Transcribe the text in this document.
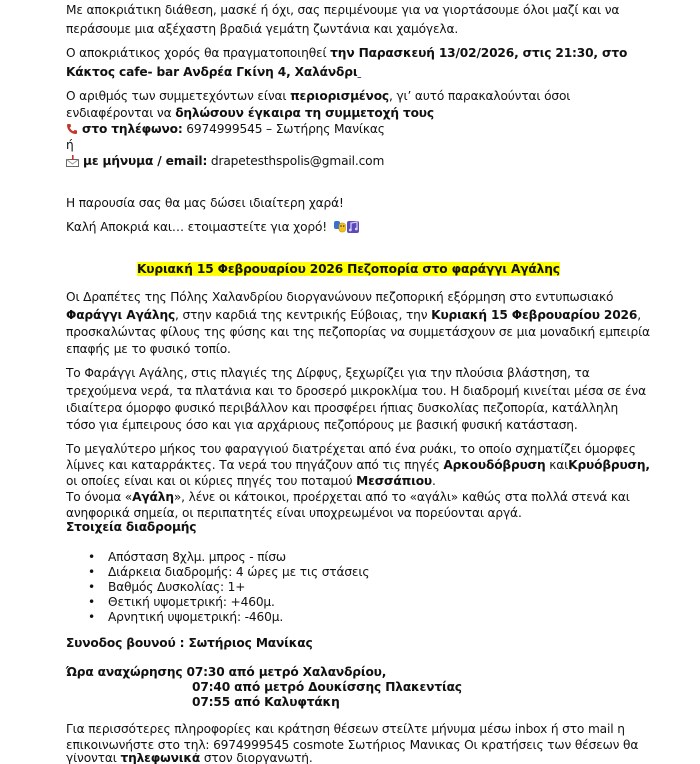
Με αποκριάτικη διάθεση, μασκέ ή όχι, σας περιμένουμε για να γιορτάσουμε όλοι μαζί και να
περάσουμε μια αξέχαστη βραδιά γεμάτη ζωντάνια και χαμόγελα.
Ο αποκριάτικος χορός θα πραγματοποιηθεί την Παρασκευή 13/02/2026, στις 21:30, στο
Κάκτος cafe- bar Ανδρέα Γκίνη 4, Χαλάνδρι​
Ο αριθμός των συμμετεχόντων είναι περιορισμένος, γι’ αυτό παρακαλούνται όσοι
ενδιαφέρονται να δηλώσουν έγκαιρα τη συμμετοχή τους
στο τηλέφωνο: 6974999545 – Σωτήρης Μανίκας
ή
με μήνυμα / email: drapetesthspolis@gmail.com
Η παρουσία σας θα μας δώσει ιδιαίτερη χαρά!
Καλή Αποκριά και… ετοιμαστείτε για χορό!
Κυριακή 15 Φεβρουαρίου 2026 Πεζοπορία στο φαράγγι Αγάλης
Οι Δραπέτες της Πόλης Χαλανδρίου διοργανώνουν πεζοπορική εξόρμηση στο εντυπωσιακό
Φαράγγι Αγάλης, στην καρδιά της κεντρικής Εύβοιας, την Κυριακή 15 Φεβρουαρίου 2026,
προσκαλώντας φίλους της φύσης και της πεζοπορίας να συμμετάσχουν σε μια μοναδική εμπειρία
επαφής με το φυσικό τοπίο.
Το Φαράγγι Αγάλης, στις πλαγιές της Δίρφυς, ξεχωρίζει για την πλούσια βλάστηση, τα
τρεχούμενα νερά, τα πλατάνια και το δροσερό μικροκλίμα του. Η διαδρομή κινείται μέσα σε ένα
ιδιαίτερα όμορφο φυσικό περιβάλλον και προσφέρει ήπιας δυσκολίας πεζοπορία, κατάλληλη
τόσο για έμπειρους όσο και για αρχάριους πεζοπόρους με βασική φυσική κατάσταση.
Το μεγαλύτερο μήκος του φαραγγιού διατρέχεται από ένα ρυάκι, το οποίο σχηματίζει όμορφες
λίμνες και καταρράκτες. Τα νερά του πηγάζουν από τις πηγές Αρκουδόβρυση καιΚρυόβρυση,
οι οποίες είναι και οι κύριες πηγές του ποταμού Μεσσάπιου.
Το όνομα «Αγάλη», λένε οι κάτοικοι, προέρχεται από το «αγάλι» καθώς στα πολλά στενά και
ανηφορικά σημεία, οι περιπατητές είναι υποχρεωμένοι να πορεύονται αργά.
Στοιχεία διαδρομής
• Απόσταση 8χλμ. μπρος - πίσω
• Διάρκεια διαδρομής: 4 ώρες με τις στάσεις
• Βαθμός Δυσκολίας: 1+
• Θετική υψομετρική: +460μ.
• Αρνητική υψομετρική: -460μ.
Συνοδος βουνού : Σωτήριος Μανίκας
Ώρα αναχώρησης 07:30 από μετρό Χαλανδρίου,
07:40 από μετρό Δουκίσσης Πλακεντίας
07:55 από Καλυφτάκη
Για περισσότερες πληροφορίες και κράτηση θέσεων στείλτε μήνυμα μέσω inbox ή στο mail η
επικοινωνήστε στο τηλ: 6974999545 cosmote Σωτήριος Μανικας Οι κρατήσεις των θέσεων θα
γίνονται τηλεφωνικά στον διοργανωτή.
